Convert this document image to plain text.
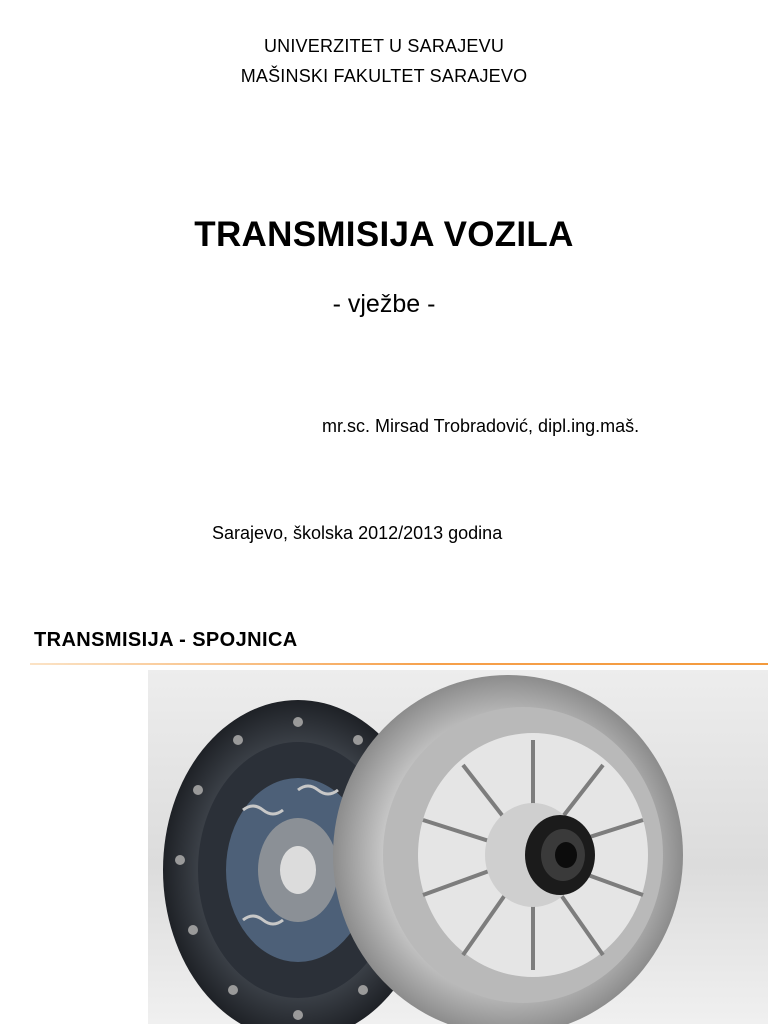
UNIVERZITET U SARAJEVU
MAŠINSKI FAKULTET SARAJEVO
TRANSMISIJA VOZILA
- vježbe -
mr.sc. Mirsad Trobradović, dipl.ing.maš.
Sarajevo, školska 2012/2013 godina
TRANSMISIJA - SPOJNICA
